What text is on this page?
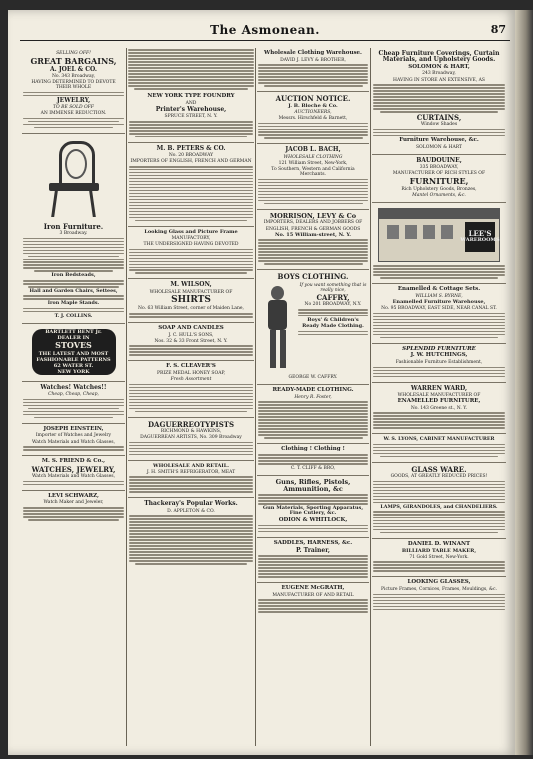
The Asmonean.	87
SELLING OFF!
GREAT BARGAINS,
A. JOEL & CO.
No. 343 Broadway,
HAVING DETERMINED TO DEVOTE THEIR WHOLE
JEWELRY,
TO BE SOLD OFF
AN IMMENSE REDUCTION.
Iron Furniture.
3 Broadway.
Iron Bedsteads,
Hall and Garden Chairs, Settees,
Iron Maple Stands.
T. J. COLLINS.
BARTLETT BENT Jr.
DEALER IN
STOVES
THE LATEST AND MOST
FASHIONABLE PATTERNS
62 WATER ST.
NEW YORK
Watches! Watches!!
Cheap, Cheap, Cheap,
JOSEPH EINSTEIN,
Importer of Watches and Jewelry
Watch Materials and Watch Glasses,
M. S. FRIEND & Co.,
WATCHES, JEWELRY,
Watch Materials and Watch Glasses,
LEVI SCHWARZ,
Watch Maker and Jeweler,
NEW YORK TYPE FOUNDRY
AND
Printer's Warehouse,
SPRUCE STREET, N. Y.
M. B. PETERS & CO.
No. 20 BROADWAY
IMPORTERS OF ENGLISH, FRENCH AND GERMAN
Looking Glass and Picture Frame
MANUFACTORY,
THE UNDERSIGNED HAVING DEVOTED
M. WILSON,
WHOLESALE MANUFACTURER OF
SHIRTS
No. 63 William Street, corner of Maiden Lane,
SOAP AND CANDLES
J. C. HULL'S SONS,
Nos. 32 & 33 Front Street, N. Y.
F. S. CLEAVER'S
PRIZE MEDAL HONEY SOAP,
Fresh Assortment
DAGUERREOTYPISTS
RICHMOND & HAWKINS,
DAGUERREAN ARTISTS, No. 309 Broadway
WHOLESALE AND RETAIL.
J. H. SMITH'S REFRIGERATOR, MEAT
Thackeray's Popular Works.
D. APPLETON & CO.
Wholesale Clothing Warehouse.
DAVID J. LEVY & BROTHER,
AUCTION NOTICE.
J. B. Bloche & Co.
AUCTIONEERS,
Messrs. Hirschfeld & Barnett,
JACOB L. BACH,
WHOLESALE CLOTHING
121 William Street, New-York,
To Southern, Western and California Merchants.
MORRISON, LEVY & Co
IMPORTERS, DEALERS AND JOBBERS OF
ENGLISH, FRENCH & GERMAN GOODS
No. 15 William-street, N. Y.
BOYS CLOTHING.
If you want something that is really nice,
CAFFRY,
No 201 BROADWAY, N.Y.
Boys' & Children's
Ready Made Clothing.
GEORGE W. CAFFRY.
READY-MADE CLOTHING.
Henry R. Foster,
Clothing ! Clothing !
C. T. CLIFF & BRO,
Guns, Rifles, Pistols, Ammunition, &c
Gun Materials, Sporting Apparatus, Fine Cutlery, &c.
ODION & WHITLOCK,
SADDLES, HARNESS, &c.
P. Trainer,
EUGENE McGRATH,
MANUFACTURER OF AND RETAIL
Cheap Furniture Coverings, Curtain Materials, and Upholstery Goods.
SOLOMON & HART,
243 Broadway,
HAVING IN STORE AN EXTENSIVE, AS
CURTAINS,
Window Shades
Furniture Warehouse, &c.
SOLOMON & HART
BAUDOUINE,
335 BROADWAY,
MANUFACTURER OF RICH STYLES OF
FURNITURE,
Rich Upholstery Goods, Bronzes,
Mantel Ornaments, &c.
LEE'S
WAREROOMS
Enamelled & Cottage Sets.
WILLIAM S. BYRNE,
Enamelled Furniture Warehouse,
No. 95 BROADWAY, EAST SIDE, NEAR CANAL ST.
SPLENDID FURNITURE
J. W. HUTCHINGS,
Fashionable Furniture Establishment,
WARREN WARD,
WHOLESALE MANUFACTURER OF
ENAMELLED FURNITURE,
No. 143 Greene st., N. Y.
W. S. LYONS, CABINET MANUFACTURER
GLASS WARE.
GOODS, AT GREATLY REDUCED PRICES!
LAMPS, GIRANDOLES, and CHANDELIERS.
DANIEL D. WINANT
BILLIARD TABLE MAKER,
71 Gold Street, New-York.
LOOKING GLASSES,
Picture Frames, Cornices, Frames, Mouldings, &c.
